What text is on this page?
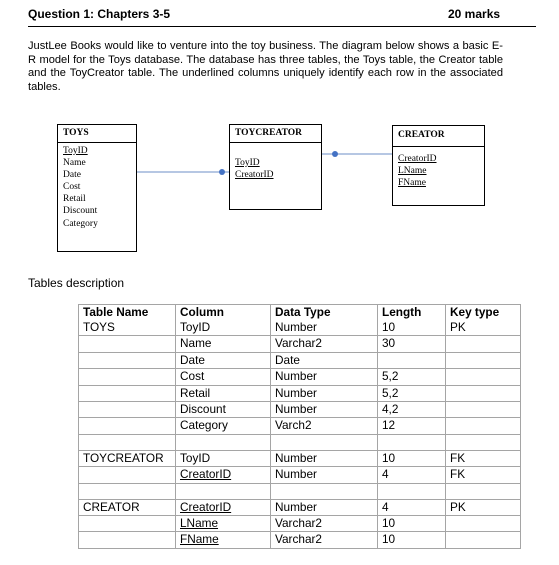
Question 1: Chapters 3-5	20 marks
JustLee Books would like to venture into the toy business. The diagram below shows a basic E-R model for the Toys database. The database has three tables, the Toys table, the Creator table and the ToyCreator table. The underlined columns uniquely identify each row in the associated tables.
TOYS
ToyID
Name
Date
Cost
Retail
Discount
Category
TOYCREATOR
ToyID
CreatorID
CREATOR
CreatorID
LName
FName
Tables description
Table Name	Column	Data Type	Length	Key type
TOYS	ToyID	Number	10	PK
	Name	Varchar2	30	
	Date	Date		
	Cost	Number	5,2	
	Retail	Number	5,2	
	Discount	Number	4,2	
	Category	Varch2	12	

TOYCREATOR	ToyID	Number	10	FK
	CreatorID	Number	4	FK

CREATOR	CreatorID	Number	4	PK
	LName	Varchar2	10	
	FName	Varchar2	10	
